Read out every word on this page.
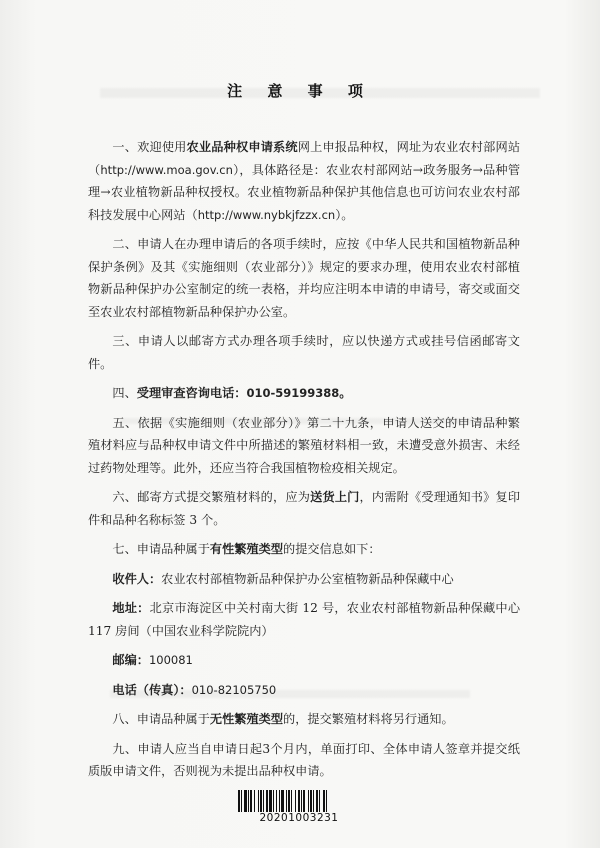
注 意 事 项

一、欢迎使用农业品种权申请系统网上申报品种权，网址为农业农村部网站（http://www.moa.gov.cn），具体路径是：农业农村部网站→政务服务→品种管理→农业植物新品种权授权。农业植物新品种保护其他信息也可访问农业农村部科技发展中心网站（http://www.nybkjfzzx.cn）。

二、申请人在办理申请后的各项手续时，应按《中华人民共和国植物新品种保护条例》及其《实施细则（农业部分）》规定的要求办理，使用农业农村部植物新品种保护办公室制定的统一表格，并均应注明本申请的申请号，寄交或面交至农业农村部植物新品种保护办公室。

三、申请人以邮寄方式办理各项手续时，应以快递方式或挂号信函邮寄文件。

四、受理审查咨询电话：010-59199388。

五、依据《实施细则（农业部分）》第二十九条，申请人送交的申请品种繁殖材料应与品种权申请文件中所描述的繁殖材料相一致，未遭受意外损害、未经过药物处理等。此外，还应当符合我国植物检疫相关规定。

六、邮寄方式提交繁殖材料的，应为送货上门，内需附《受理通知书》复印件和品种名称标签 3 个。

七、申请品种属于有性繁殖类型的提交信息如下：

收件人：农业农村部植物新品种保护办公室植物新品种保藏中心

地址：北京市海淀区中关村南大街 12 号，农业农村部植物新品种保藏中心 117 房间（中国农业科学院院内）

邮编：100081

电话（传真）：010-82105750

八、申请品种属于无性繁殖类型的，提交繁殖材料将另行通知。

九、申请人应当自申请日起3个月内，单面打印、全体申请人签章并提交纸质版申请文件，否则视为未提出品种权申请。

20201003231
